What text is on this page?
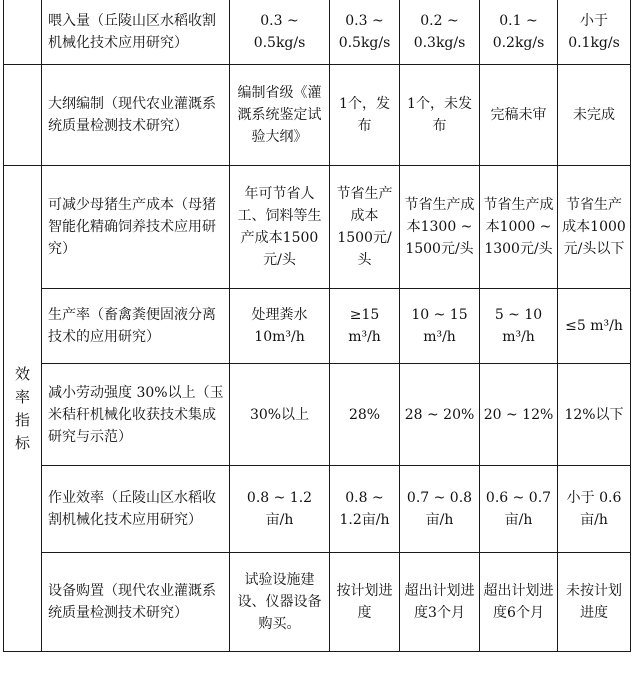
	喂入量（丘陵山区水稻收割机械化技术应用研究）	0.3 ~ 0.5kg/s	0.3 ~ 0.5kg/s	0.2 ~ 0.3kg/s	0.1 ~ 0.2kg/s	小于 0.1kg/s
	大纲编制（现代农业灌溉系统质量检测技术研究）	编制省级《灌溉系统鉴定试验大纲》	1个，发布	1个，未发布	完稿未审	未完成
效率指标	可减少母猪生产成本（母猪智能化精确饲养技术应用研究）	年可节省人工、饲料等生产成本1500元/头	节省生产成本1500元/头	节省生产成本1300 ~ 1500元/头	节省生产成本1000 ~ 1300元/头	节省生产成本1000元/头以下
	生产率（畜禽粪便固液分离技术的应用研究）	处理粪水10m³/h	≥15 m³/h	10 ~ 15 m³/h	5 ~ 10 m³/h	≤5 m³/h
	减小劳动强度 30%以上（玉米秸秆机械化收获技术集成研究与示范）	30%以上	28%	28 ~ 20%	20 ~ 12%	12%以下
	作业效率（丘陵山区水稻收割机械化技术应用研究）	0.8 ~ 1.2 亩/h	0.8 ~ 1.2亩/h	0.7 ~ 0.8亩/h	0.6 ~ 0.7亩/h	小于 0.6亩/h
	设备购置（现代农业灌溉系统质量检测技术研究）	试验设施建设、仪器设备购买。	按计划进度	超出计划进度3个月	超出计划进度6个月	未按计划进度
